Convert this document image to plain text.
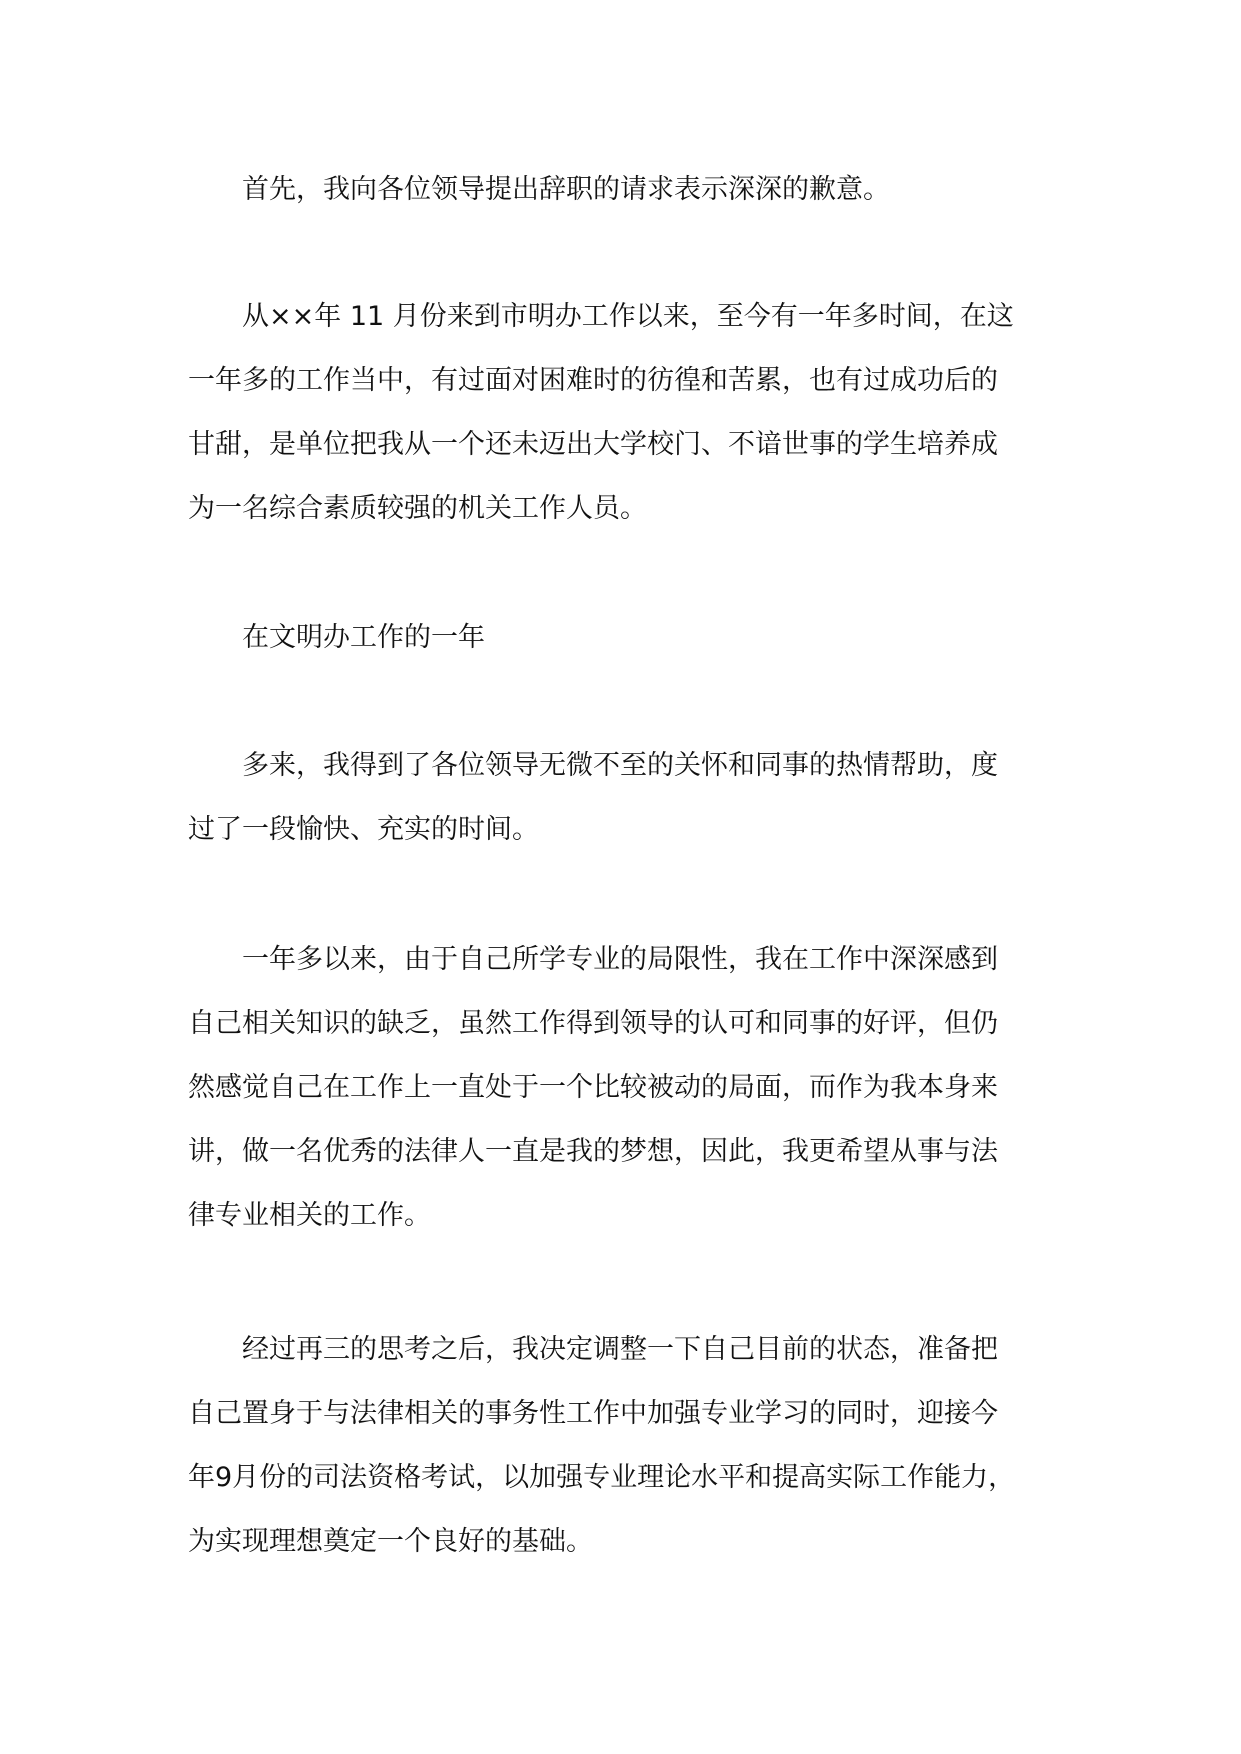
　　首先，我向各位领导提出辞职的请求表示深深的歉意。

　　从××年 11 月份来到市明办工作以来，至今有一年多时间，在这
一年多的工作当中，有过面对困难时的彷徨和苦累，也有过成功后的
甘甜，是单位把我从一个还未迈出大学校门、不谙世事的学生培养成
为一名综合素质较强的机关工作人员。

　　在文明办工作的一年

　　多来，我得到了各位领导无微不至的关怀和同事的热情帮助，度
过了一段愉快、充实的时间。

　　一年多以来，由于自己所学专业的局限性，我在工作中深深感到
自己相关知识的缺乏，虽然工作得到领导的认可和同事的好评，但仍
然感觉自己在工作上一直处于一个比较被动的局面，而作为我本身来
讲，做一名优秀的法律人一直是我的梦想，因此，我更希望从事与法
律专业相关的工作。

　　经过再三的思考之后，我决定调整一下自己目前的状态，准备把
自己置身于与法律相关的事务性工作中加强专业学习的同时，迎接今
年9月份的司法资格考试，以加强专业理论水平和提高实际工作能力，
为实现理想奠定一个良好的基础。
